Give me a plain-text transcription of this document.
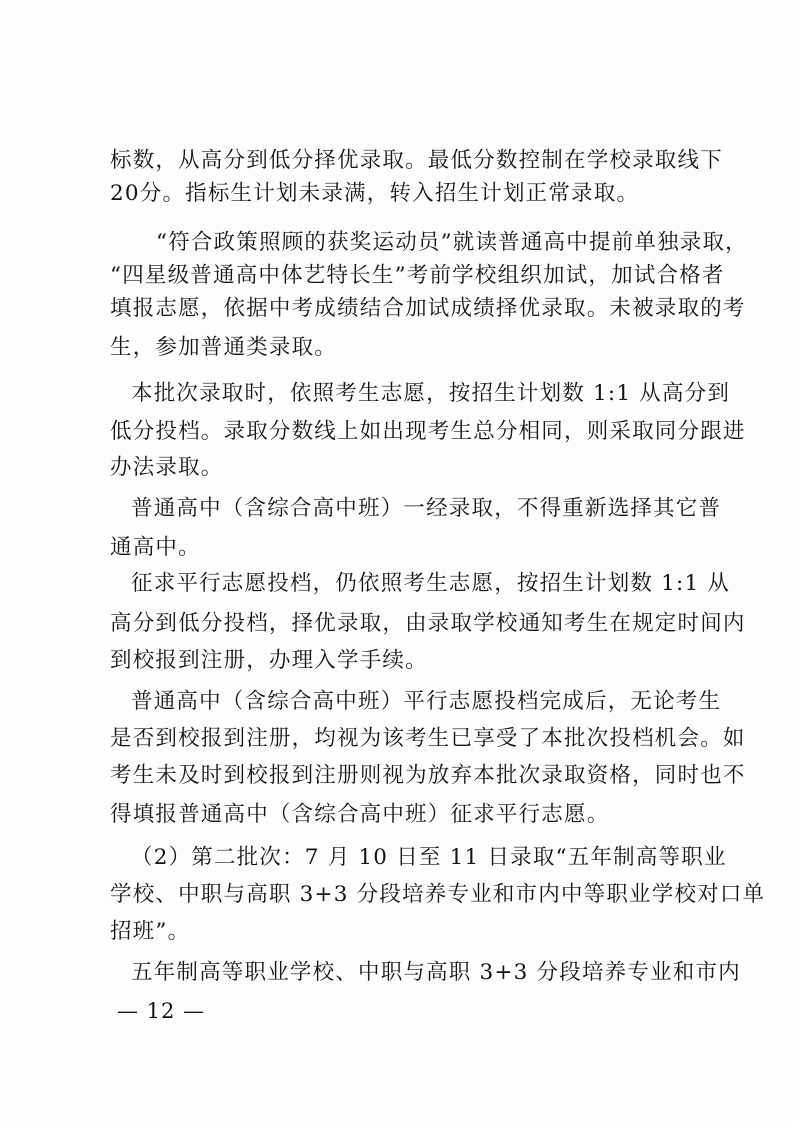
标数，从高分到低分择优录取。最低分数控制在学校录取线下
20分。指标生计划未录满，转入招生计划正常录取。
“符合政策照顾的获奖运动员”就读普通高中提前单独录取，
“四星级普通高中体艺特长生”考前学校组织加试，加试合格者
填报志愿，依据中考成绩结合加试成绩择优录取。未被录取的考
生，参加普通类录取。
本批次录取时，依照考生志愿，按招生计划数 1:1 从高分到
低分投档。录取分数线上如出现考生总分相同，则采取同分跟进
办法录取。
普通高中（含综合高中班）一经录取，不得重新选择其它普
通高中。
征求平行志愿投档，仍依照考生志愿，按招生计划数 1:1 从
高分到低分投档，择优录取，由录取学校通知考生在规定时间内
到校报到注册，办理入学手续。
普通高中（含综合高中班）平行志愿投档完成后，无论考生
是否到校报到注册，均视为该考生已享受了本批次投档机会。如
考生未及时到校报到注册则视为放弃本批次录取资格，同时也不
得填报普通高中（含综合高中班）征求平行志愿。
（2）第二批次：7 月 10 日至 11 日录取“五年制高等职业
学校、中职与高职 3+3 分段培养专业和市内中等职业学校对口单
招班”。
五年制高等职业学校、中职与高职 3+3 分段培养专业和市内
— 12 —
